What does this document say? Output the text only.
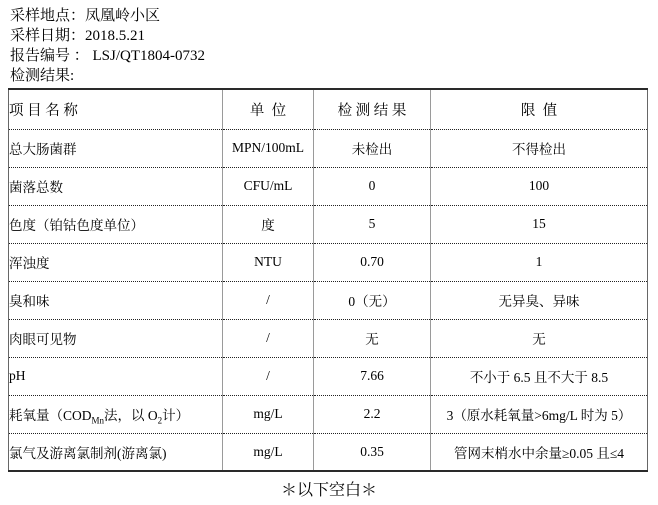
采样地点：凤凰岭小区
采样日期：2018.5.21
报告编号 ： LSJ/QT1804-0732
检测结果:
项 目 名 称	单  位	检 测 结 果	限  值
总大肠菌群	MPN/100mL	未检出	不得检出
菌落总数	CFU/mL	0	100
色度（铂钴色度单位）	度	5	15
浑浊度	NTU	0.70	1
臭和味	/	0（无）	无异臭、异味
肉眼可见物	/	无	无
pH	/	7.66	不小于 6.5 且不大于 8.5
耗氧量（$COD_{Mn}$法，以 $O_2$计）	mg/L	2.2	3（原水耗氧量>6mg/L 时为 5）
氯气及游离氯制剂(游离氯)	mg/L	0.35	管网末梢水中余量≥0.05 且≤4
＊以下空白＊
